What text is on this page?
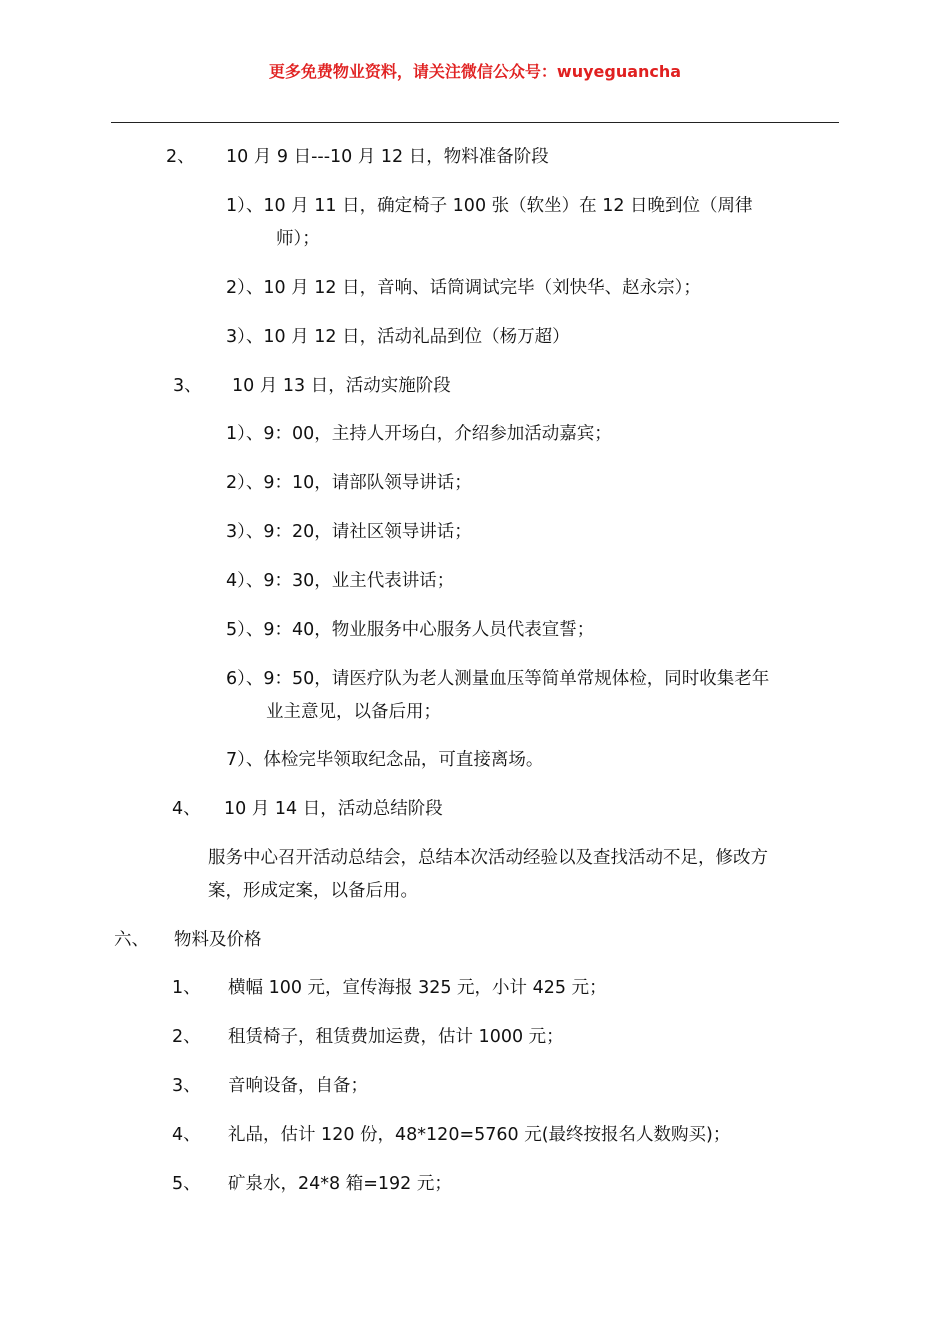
更多免费物业资料，请关注微信公众号：wuyeguancha
2、 10 月 9 日---10 月 12 日，物料准备阶段
1）、10 月 11 日，确定椅子 100 张（软坐）在 12 日晚到位（周律
师）；
2）、10 月 12 日，音响、话筒调试完毕（刘快华、赵永宗）；
3）、10 月 12 日，活动礼品到位（杨万超）
3、 10 月 13 日，活动实施阶段
1）、9：00，主持人开场白，介绍参加活动嘉宾；
2）、9：10，请部队领导讲话；
3）、9：20，请社区领导讲话；
4）、9：30，业主代表讲话；
5）、9：40，物业服务中心服务人员代表宣誓；
6）、9：50，请医疗队为老人测量血压等简单常规体检，同时收集老年
业主意见，以备后用；
7）、体检完毕领取纪念品，可直接离场。
4、 10 月 14 日，活动总结阶段
服务中心召开活动总结会，总结本次活动经验以及查找活动不足，修改方
案，形成定案，以备后用。
六、 物料及价格
1、 横幅 100 元，宣传海报 325 元，小计 425 元；
2、 租赁椅子，租赁费加运费，估计 1000 元；
3、 音响设备，自备；
4、 礼品，估计 120 份，48*120=5760 元(最终按报名人数购买)；
5、 矿泉水，24*8 箱=192 元；
